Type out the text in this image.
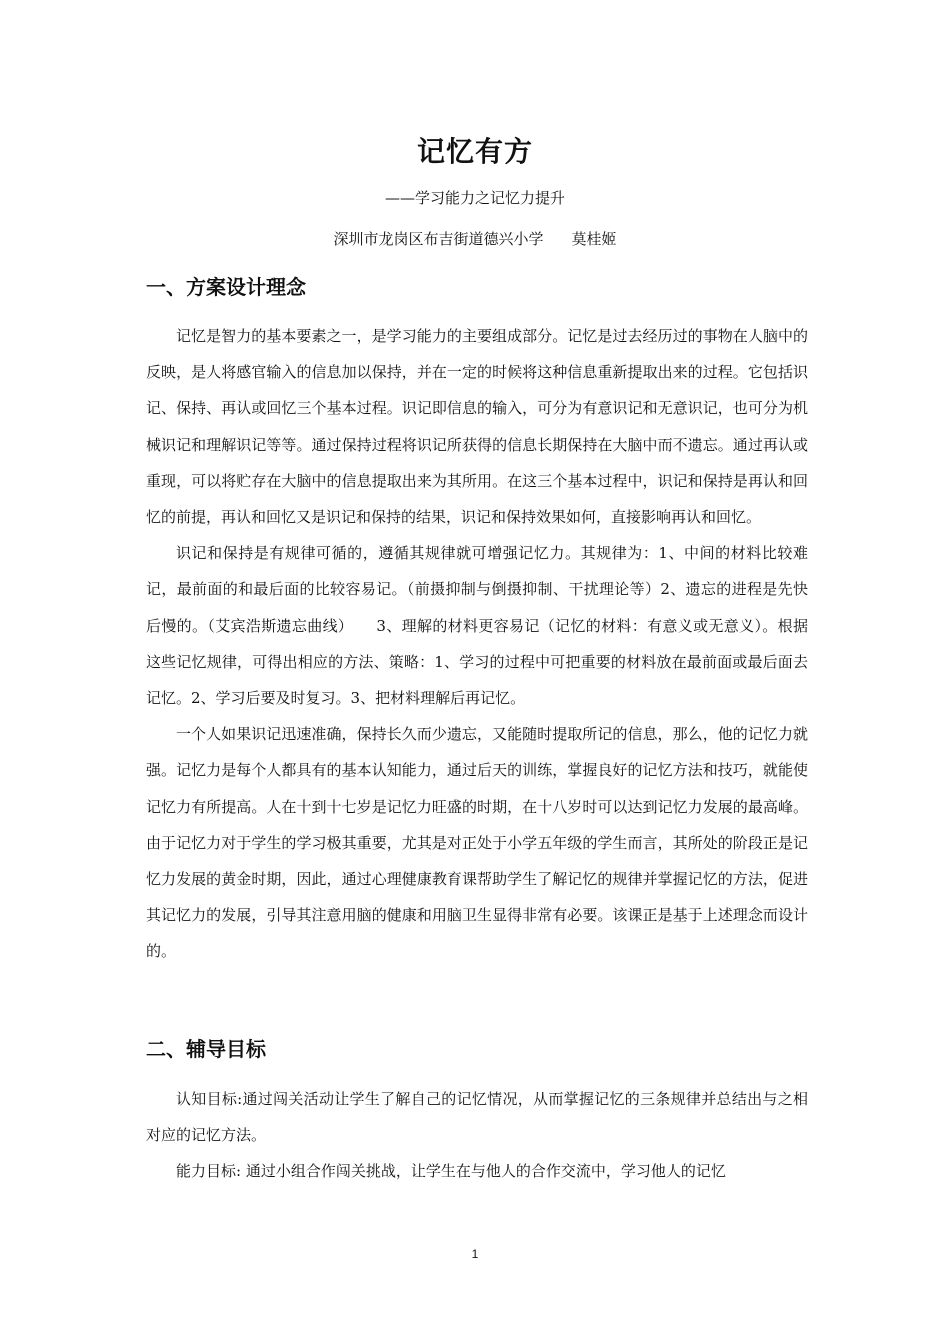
记忆有方
——学习能力之记忆力提升
深圳市龙岗区布吉街道德兴小学 莫桂姬
一、方案设计理念

记忆是智力的基本要素之一，是学习能力的主要组成部分。记忆是过去经历过的事物在人脑中的反映，是人将感官输入的信息加以保持，并在一定的时候将这种信息重新提取出来的过程。它包括识记、保持、再认或回忆三个基本过程。识记即信息的输入，可分为有意识记和无意识记，也可分为机械识记和理解识记等等。通过保持过程将识记所获得的信息长期保持在大脑中而不遗忘。通过再认或重现，可以将贮存在大脑中的信息提取出来为其所用。在这三个基本过程中，识记和保持是再认和回忆的前提，再认和回忆又是识记和保持的结果，识记和保持效果如何，直接影响再认和回忆。

识记和保持是有规律可循的，遵循其规律就可增强记忆力。其规律为：1、中间的材料比较难记，最前面的和最后面的比较容易记。（前摄抑制与倒摄抑制、干扰理论等）2、遗忘的进程是先快后慢的。（艾宾浩斯遗忘曲线）　　3、理解的材料更容易记（记忆的材料：有意义或无意义）。根据这些记忆规律，可得出相应的方法、策略：1、学习的过程中可把重要的材料放在最前面或最后面去记忆。2、学习后要及时复习。3、把材料理解后再记忆。

一个人如果识记迅速准确，保持长久而少遗忘，又能随时提取所记的信息，那么，他的记忆力就强。记忆力是每个人都具有的基本认知能力，通过后天的训练，掌握良好的记忆方法和技巧，就能使记忆力有所提高。人在十到十七岁是记忆力旺盛的时期，在十八岁时可以达到记忆力发展的最高峰。由于记忆力对于学生的学习极其重要，尤其是对正处于小学五年级的学生而言，其所处的阶段正是记忆力发展的黄金时期，因此，通过心理健康教育课帮助学生了解记忆的规律并掌握记忆的方法，促进其记忆力的发展，引导其注意用脑的健康和用脑卫生显得非常有必要。该课正是基于上述理念而设计的。

二、辅导目标

认知目标:通过闯关活动让学生了解自己的记忆情况，从而掌握记忆的三条规律并总结出与之相对应的记忆方法。

能力目标: 通过小组合作闯关挑战，让学生在与他人的合作交流中，学习他人的记忆

1
